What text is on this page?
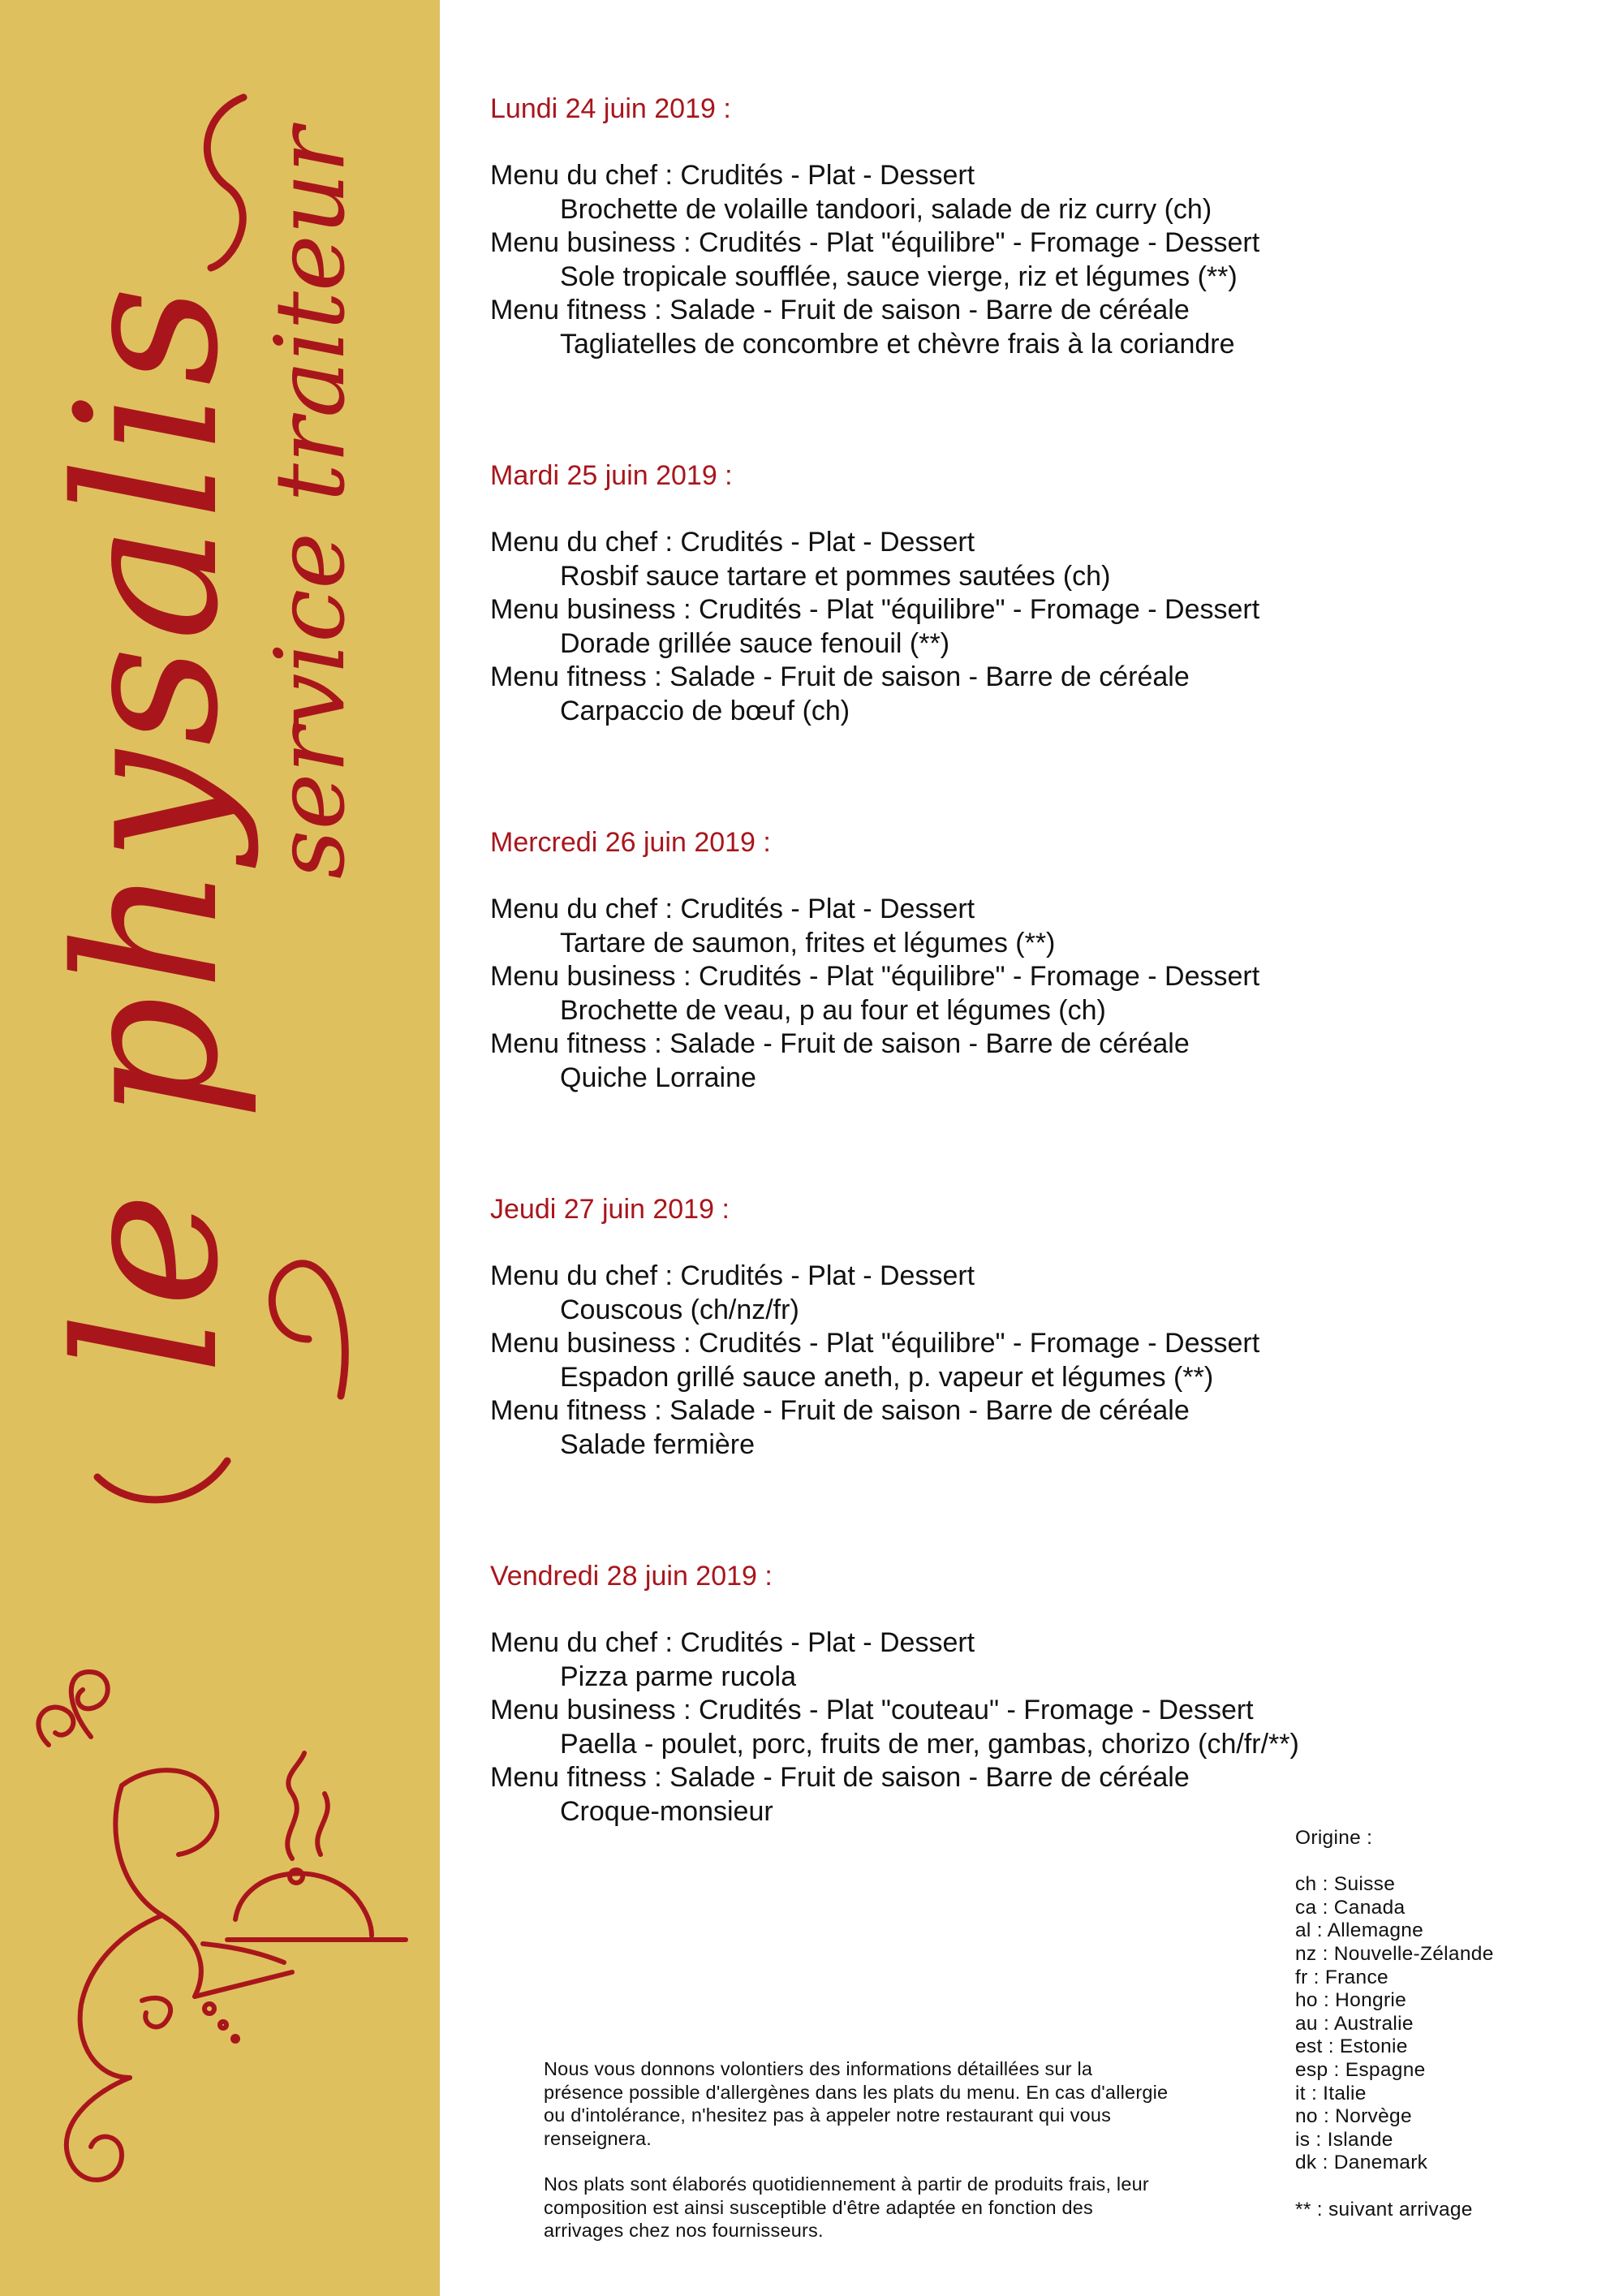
le physalis
service traiteur
Lundi 24 juin 2019 :
Menu du chef : Crudités - Plat - Dessert
Brochette de volaille tandoori, salade de riz curry (ch)
Menu business : Crudités - Plat "équilibre" - Fromage - Dessert
Sole tropicale soufflée, sauce vierge, riz et légumes (**)
Menu fitness : Salade - Fruit de saison - Barre de céréale
Tagliatelles de concombre et chèvre frais à la coriandre
Mardi 25 juin 2019 :
Menu du chef : Crudités - Plat - Dessert
Rosbif sauce tartare et pommes sautées (ch)
Menu business : Crudités - Plat "équilibre" - Fromage - Dessert
Dorade grillée sauce fenouil (**)
Menu fitness : Salade - Fruit de saison - Barre de céréale
Carpaccio de bœuf (ch)
Mercredi 26 juin 2019 :
Menu du chef : Crudités - Plat - Dessert
Tartare de saumon, frites et légumes (**)
Menu business : Crudités - Plat "équilibre" - Fromage - Dessert
Brochette de veau, p au four et légumes (ch)
Menu fitness : Salade - Fruit de saison - Barre de céréale
Quiche Lorraine
Jeudi 27 juin 2019 :
Menu du chef : Crudités - Plat - Dessert
Couscous (ch/nz/fr)
Menu business : Crudités - Plat "équilibre" - Fromage - Dessert
Espadon grillé sauce aneth, p. vapeur et légumes (**)
Menu fitness : Salade - Fruit de saison - Barre de céréale
Salade fermière
Vendredi 28 juin 2019 :
Menu du chef : Crudités - Plat - Dessert
Pizza parme rucola
Menu business : Crudités - Plat "couteau" - Fromage - Dessert
Paella - poulet, porc, fruits de mer, gambas, chorizo (ch/fr/**)
Menu fitness : Salade - Fruit de saison - Barre de céréale
Croque-monsieur
Origine :
ch : Suisse
ca : Canada
al : Allemagne
nz : Nouvelle-Zélande
fr : France
ho : Hongrie
au : Australie
est : Estonie
esp : Espagne
it : Italie
no : Norvège
is : Islande
dk : Danemark
** : suivant arrivage

Nous vous donnons volontiers des informations détaillées sur la présence possible d'allergènes dans les plats du menu. En cas d'allergie ou d'intolérance, n'hesitez pas à appeler notre restaurant qui vous renseignera.

Nos plats sont élaborés quotidiennement à partir de produits frais, leur composition est ainsi susceptible d'être adaptée en fonction des arrivages chez nos fournisseurs.
